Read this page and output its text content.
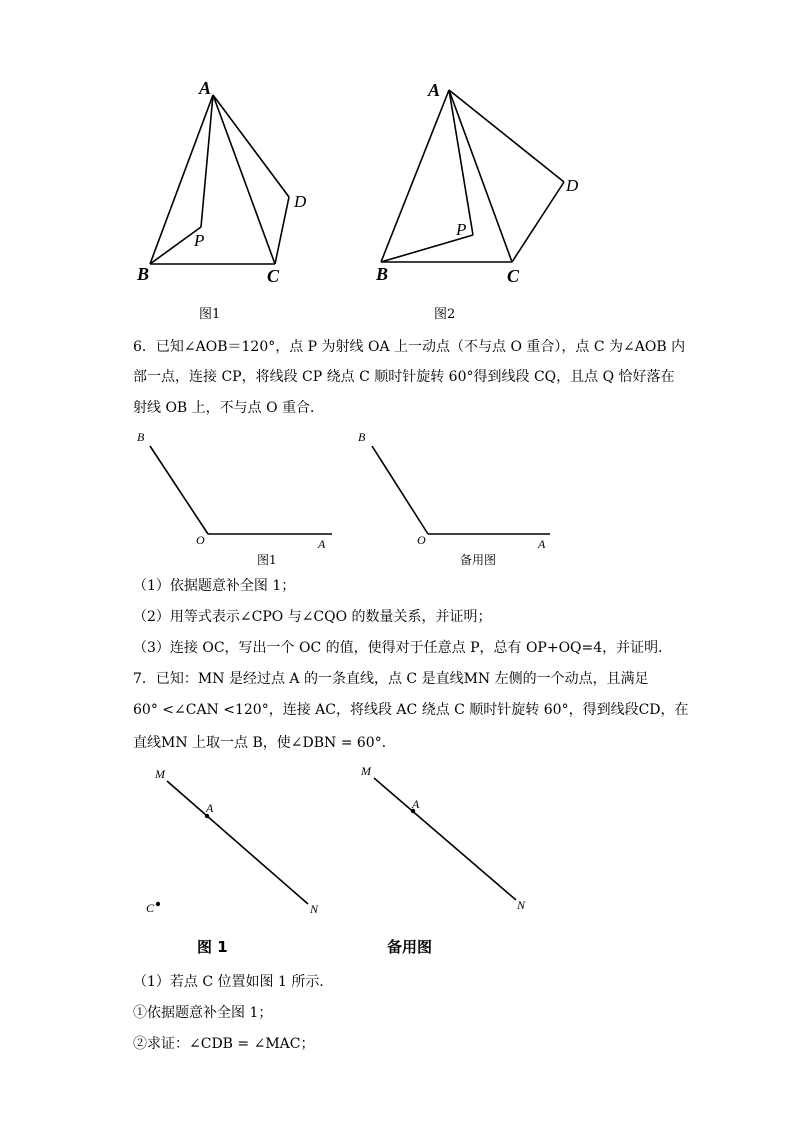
A
B	C
D
P
图1
A
B	C
D
P
图2
6．已知∠AOB＝120°，点 P 为射线 OA 上一动点（不与点 O 重合），点 C 为∠AOB 内
部一点，连接 CP，将线段 CP 绕点 C 顺时针旋转 60°得到线段 CQ，且点 Q 恰好落在
射线 OB 上，不与点 O 重合．
B
O	A
图1
B
O	A
备用图
（1）依据题意补全图 1；
（2）用等式表示∠CPO 与∠CQO 的数量关系，并证明；
（3）连接 OC，写出一个 OC 的值，使得对于任意点 P，总有 OP+OQ=4，并证明．
7．已知：MN 是经过点 A 的一条直线，点 C 是直线MN 左侧的一个动点，且满足
60° <∠CAN <120°，连接 AC，将线段 AC 绕点 C 顺时针旋转 60°，得到线段CD，在
直线MN 上取一点 B，使∠DBN = 60°．
M
A
N
C
图 1
M
A
N
备用图
（1）若点 C 位置如图 1 所示．
①依据题意补全图 1；
②求证：∠CDB = ∠MAC；
